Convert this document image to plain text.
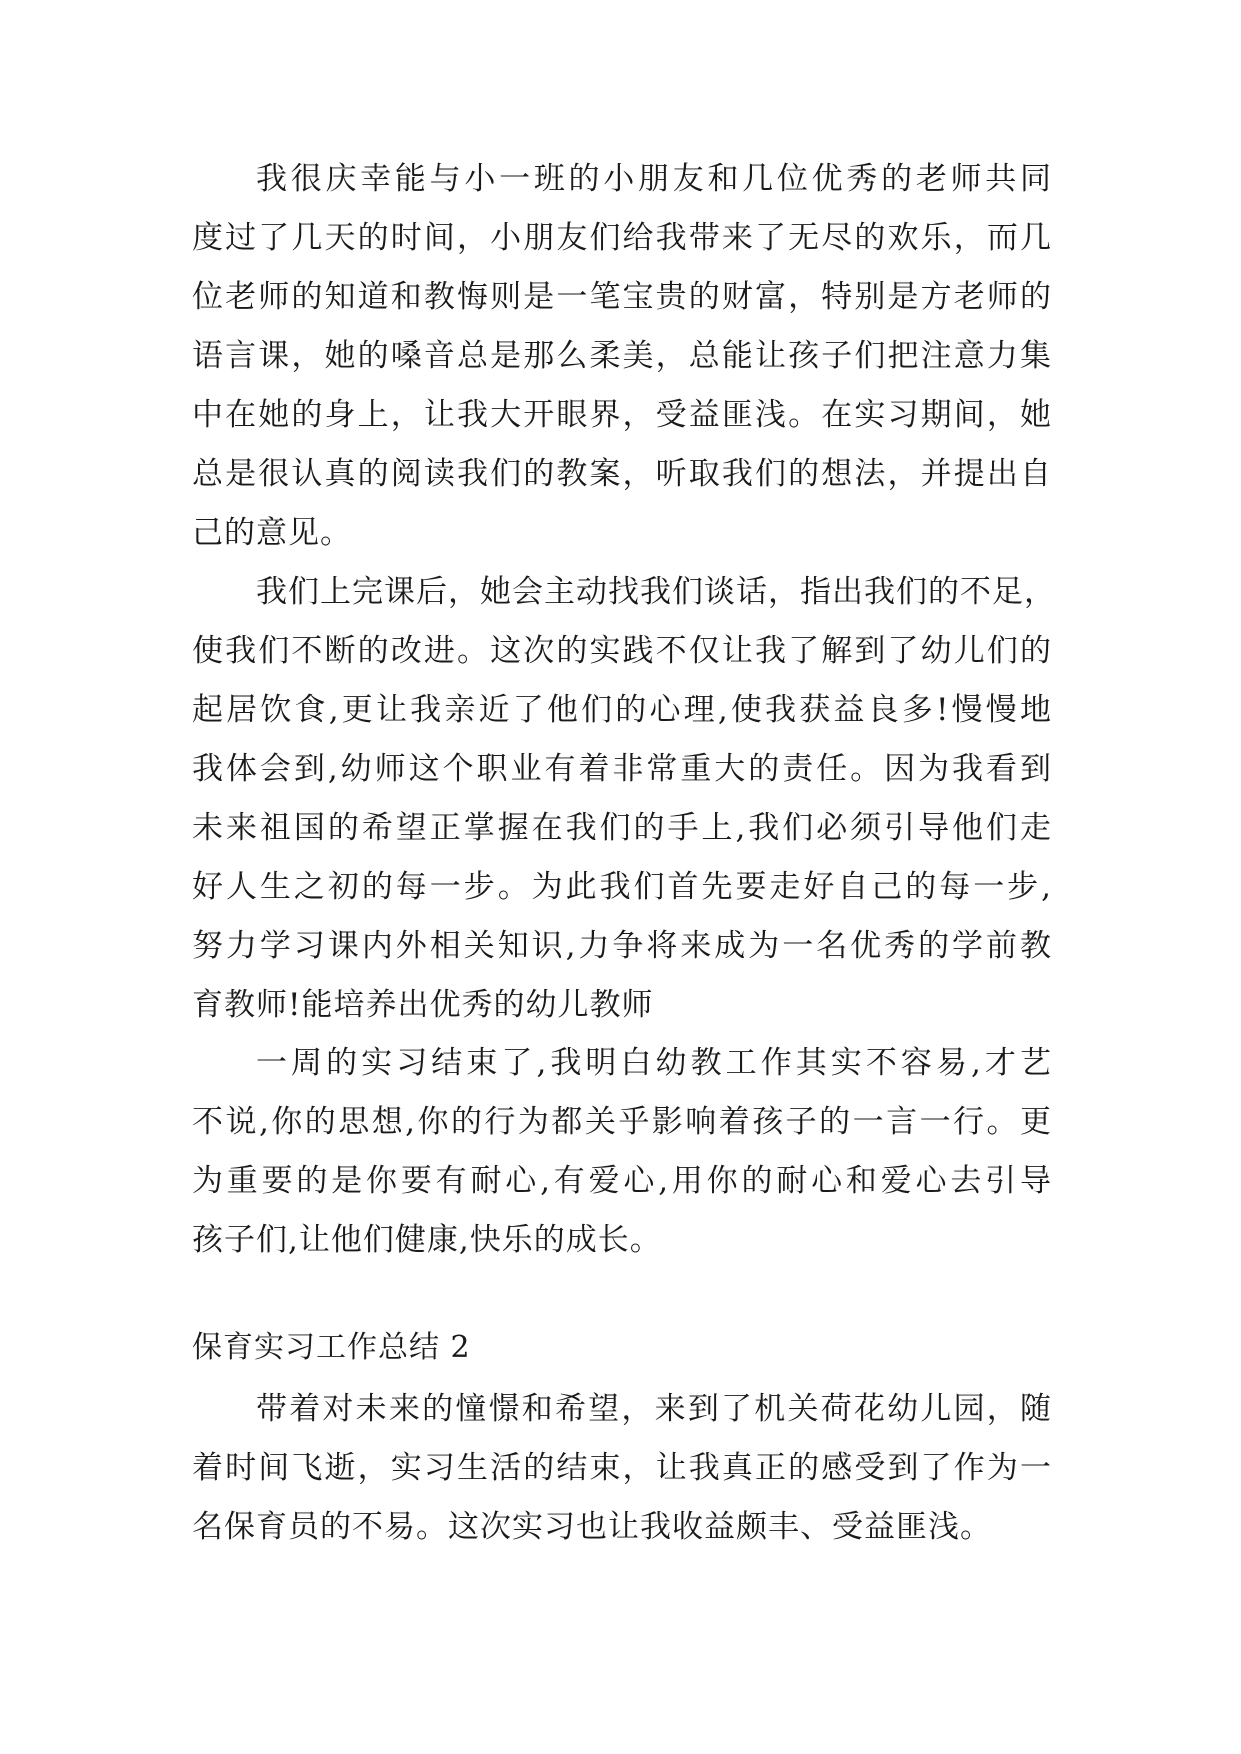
我很庆幸能与小一班的小朋友和几位优秀的老师共同
度过了几天的时间，小朋友们给我带来了无尽的欢乐，而几
位老师的知道和教悔则是一笔宝贵的财富，特别是方老师的
语言课，她的嗓音总是那么柔美，总能让孩子们把注意力集
中在她的身上，让我大开眼界，受益匪浅。在实习期间，她
总是很认真的阅读我们的教案，听取我们的想法，并提出自
己的意见。
我们上完课后，她会主动找我们谈话，指出我们的不足，
使我们不断的改进。这次的实践不仅让我了解到了幼儿们的
起居饮食,更让我亲近了他们的心理,使我获益良多!慢慢地
我体会到,幼师这个职业有着非常重大的责任。因为我看到
未来祖国的希望正掌握在我们的手上,我们必须引导他们走
好人生之初的每一步。为此我们首先要走好自己的每一步,
努力学习课内外相关知识,力争将来成为一名优秀的学前教
育教师!能培养出优秀的幼儿教师
一周的实习结束了,我明白幼教工作其实不容易,才艺
不说,你的思想,你的行为都关乎影响着孩子的一言一行。更
为重要的是你要有耐心,有爱心,用你的耐心和爱心去引导
孩子们,让他们健康,快乐的成长。
保育实习工作总结 2
带着对未来的憧憬和希望，来到了机关荷花幼儿园，随
着时间飞逝，实习生活的结束，让我真正的感受到了作为一
名保育员的不易。这次实习也让我收益颇丰、受益匪浅。
